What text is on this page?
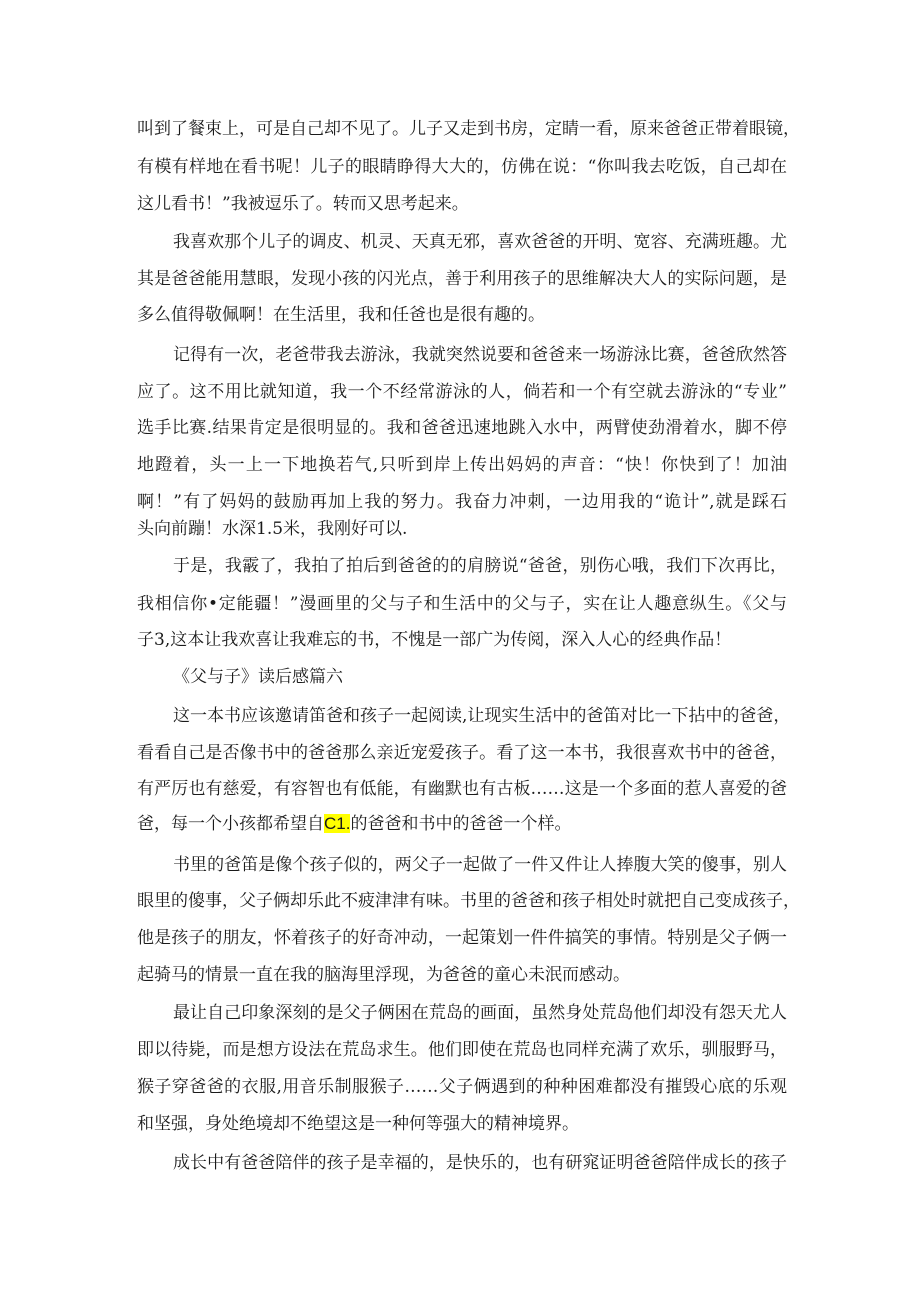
叫到了餐束上，可是自己却不见了。儿子又走到书房，定睛一看，原来爸爸正带着眼镜，
有模有样地在看书呢！儿子的眼睛睁得大大的，仿佛在说：“你叫我去吃饭，自己却在
这儿看书！”我被逗乐了。转而又思考起来。
我喜欢那个儿子的调皮、机灵、天真无邪，喜欢爸爸的开明、宽容、充满班趣。尤
其是爸爸能用慧眼，发现小孩的闪光点，善于利用孩子的思维解决大人的实际问题，是
多么值得敬佩啊！在生活里，我和任爸也是很有趣的。
记得有一次，老爸带我去游泳，我就突然说要和爸爸来一场游泳比赛，爸爸欣然答
应了。这不用比就知道，我一个不经常游泳的人，倘若和一个有空就去游泳的“专业”
选手比赛.结果肯定是很明显的。我和爸爸迅速地跳入水中，两臂使劲滑着水，脚不停
地蹬着，头一上一下地换若气,只听到岸上传出妈妈的声音：“快！你快到了！加油
啊！”有了妈妈的鼓励再加上我的努力。我奋力冲刺，一边用我的“诡计”,就是踩石
头向前蹦！水深1.5米，我刚好可以.
于是，我霰了，我拍了拍后到爸爸的的肩膀说“爸爸，别伤心哦，我们下次再比，
我相信你•定能疆！”漫画里的父与子和生活中的父与子，实在让人趣意纵生。《父与
子3,这本让我欢喜让我难忘的书，不愧是一部广为传阅，深入人心的经典作品！
《父与子》读后感篇六
这一本书应该邀请笛爸和孩子一起阅读,让现实生活中的爸笛对比一下拈中的爸爸，
看看自己是否像书中的爸爸那么亲近宠爱孩子。看了这一本书，我很喜欢书中的爸爸，
有严厉也有慈爱，有容智也有低能，有幽默也有古板……这是一个多面的惹人喜爱的爸
爸，每一个小孩都希望自C1.的爸爸和书中的爸爸一个样。
书里的爸笛是像个孩子似的，两父子一起做了一件又件让人捧腹大笑的傻事，别人
眼里的傻事，父子俩却乐此不疲津津有味。书里的爸爸和孩子相处时就把自己变成孩子，
他是孩子的朋友，怀着孩子的好奇冲动，一起策划一件件搞笑的事情。特别是父子俩一
起骑马的情景一直在我的脑海里浮现，为爸爸的童心未泯而感动。
最让自己印象深刻的是父子俩困在荒岛的画面，虽然身处荒岛他们却没有怨天尤人
即以待毙，而是想方设法在荒岛求生。他们即使在荒岛也同样充满了欢乐，驯服野马，
猴子穿爸爸的衣服,用音乐制服猴子……父子俩遇到的种种困难都没有摧毁心底的乐观
和坚强，身处绝境却不绝望这是一种何等强大的精神境界。
成长中有爸爸陪伴的孩子是幸福的，是快乐的，也有研窕证明爸爸陪伴成长的孩子
